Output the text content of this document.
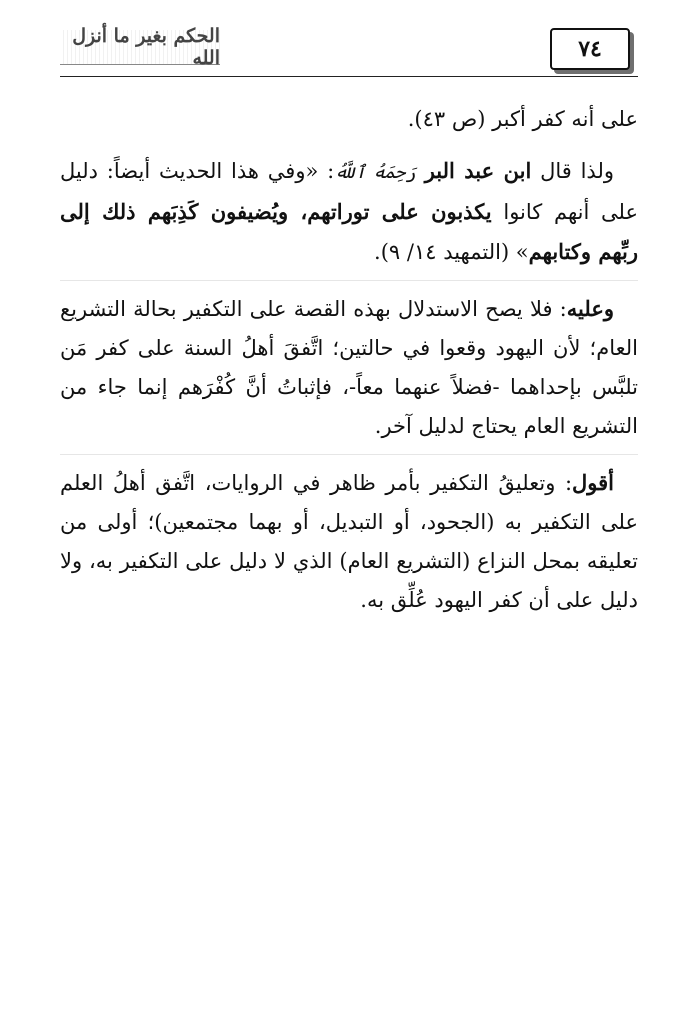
٧٤
الحكم بغير ما أنزل الله

على أنه كفر أكبر (ص ٤٣).

ولذا قال ابن عبد البر رَحِمَهُ ٱللَّهُ: «وفي هذا الحديث أيضاً: دليل على أنهم كانوا يكذبون على توراتهم، ويُضيفون كَذِبَهم ذلك إلى ربِّهم وكتابهم» (التمهيد ١٤/ ٩).

وعليه: فلا يصح الاستدلال بهذه القصة على التكفير بحالة التشريع العام؛ لأن اليهود وقعوا في حالتين؛ اتَّفقَ أهلُ السنة على كفر مَن تلبَّس بإحداهما -فضلاً عنهما معاً-، فإثباتُ أنَّ كُفْرَهم إنما جاء من التشريع العام يحتاج لدليل آخر.

أقول: وتعليقُ التكفير بأمر ظاهر في الروايات، اتَّفق أهلُ العلم على التكفير به (الجحود، أو التبديل، أو بهما مجتمعين)؛ أولى من تعليقه بمحل النزاع (التشريع العام) الذي لا دليل على التكفير به، ولا دليل على أن كفر اليهود عُلِّق به.
